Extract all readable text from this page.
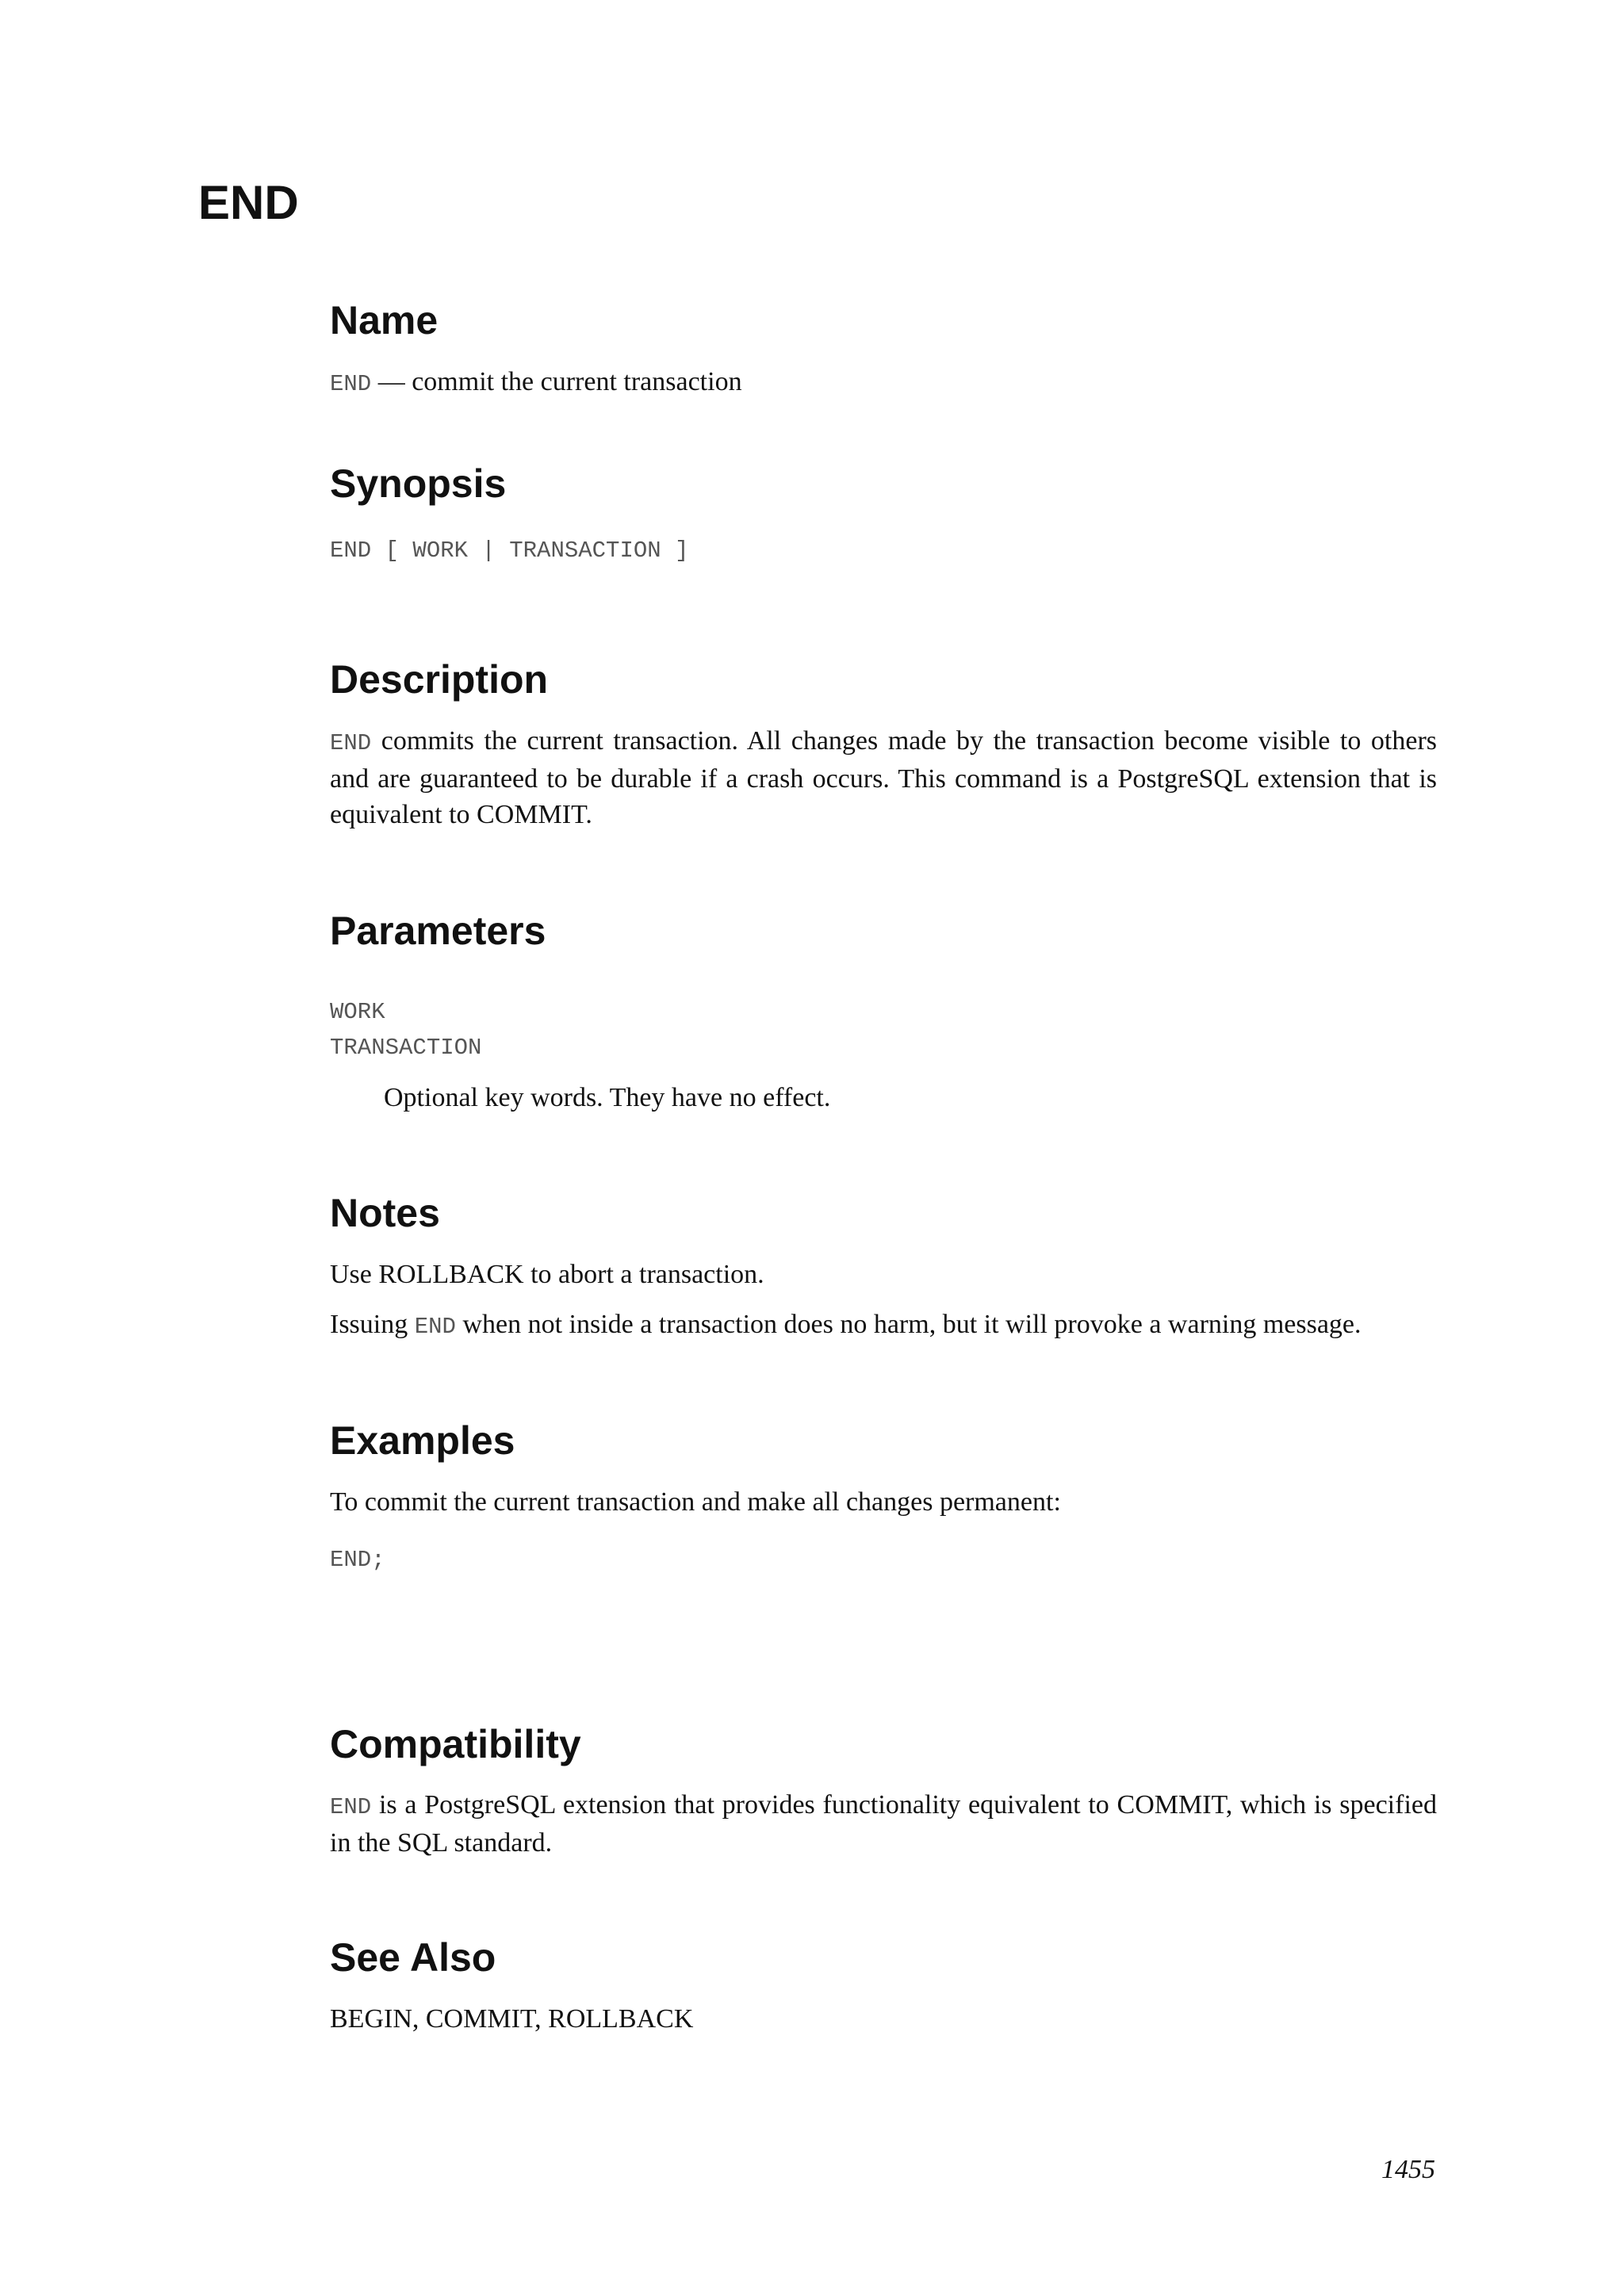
END
Name

END — commit the current transaction

Synopsis
END [ WORK | TRANSACTION ]
Description

END commits the current transaction. All changes made by the transaction become visible to others and are guaranteed to be durable if a crash occurs. This command is a PostgreSQL extension that is equivalent to COMMIT.

Parameters
WORK
TRANSACTION

Optional key words. They have no effect.

Notes

Use ROLLBACK to abort a transaction.

Issuing END when not inside a transaction does no harm, but it will provoke a warning message.

Examples

To commit the current transaction and make all changes permanent:

END;
Compatibility

END is a PostgreSQL extension that provides functionality equivalent to COMMIT, which is specified in the SQL standard.

See Also

BEGIN, COMMIT, ROLLBACK

1455
